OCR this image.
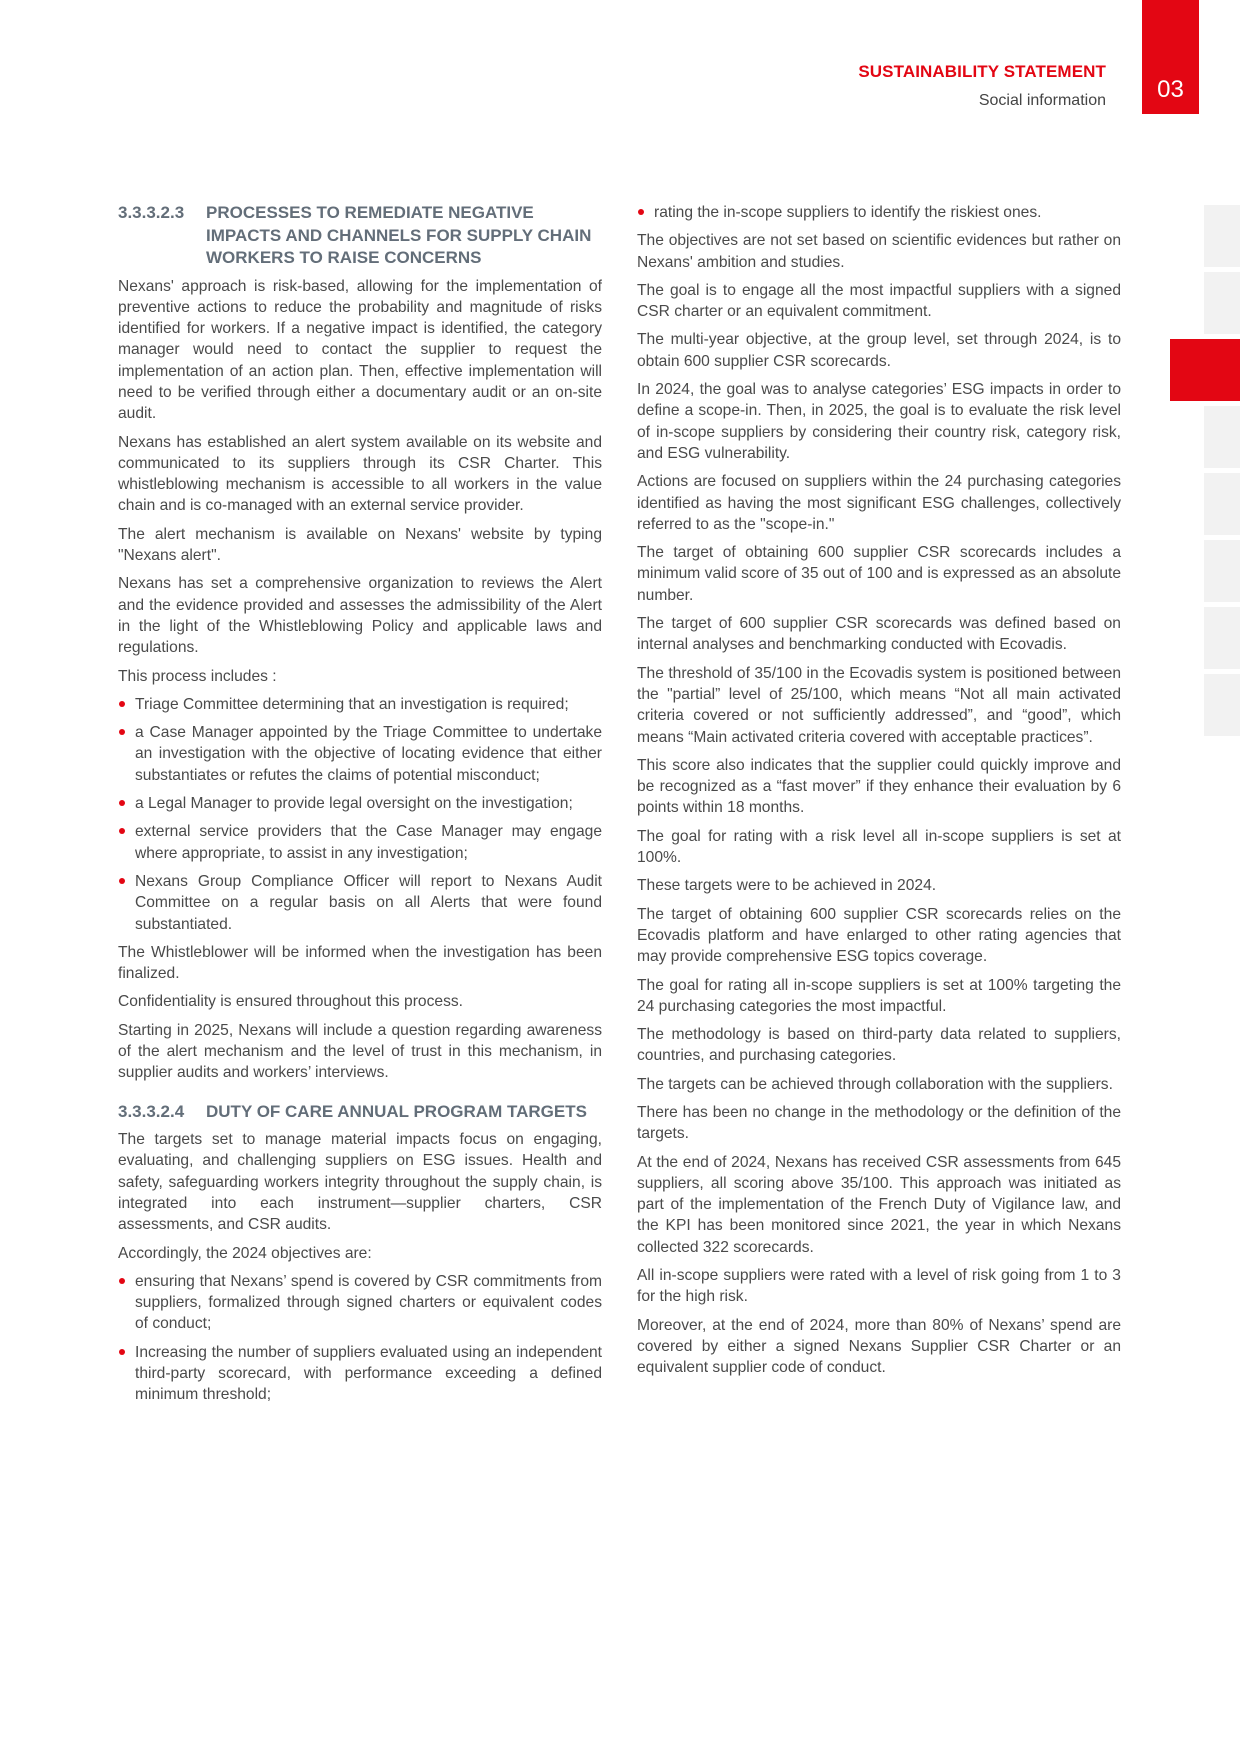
SUSTAINABILITY STATEMENT
Social information	03
3.3.3.2.3	PROCESSES TO REMEDIATE NEGATIVE IMPACTS AND CHANNELS FOR SUPPLY CHAIN WORKERS TO RAISE CONCERNS

Nexans' approach is risk-based, allowing for the implementation of preventive actions to reduce the probability and magnitude of risks identified for workers. If a negative impact is identified, the category manager would need to contact the supplier to request the implementation of an action plan. Then, effective implementation will need to be verified through either a documentary audit or an on-site audit.

Nexans has established an alert system available on its website and communicated to its suppliers through its CSR Charter. This whistleblowing mechanism is accessible to all workers in the value chain and is co-managed with an external service provider.

The alert mechanism is available on Nexans' website by typing "Nexans alert".

Nexans has set a comprehensive organization to reviews the Alert and the evidence provided and assesses the admissibility of the Alert in the light of the Whistleblowing Policy and applicable laws and regulations.

This process includes :

Triage Committee determining that an investigation is required;
a Case Manager appointed by the Triage Committee to undertake an investigation with the objective of locating evidence that either substantiates or refutes the claims of potential misconduct;
a Legal Manager to provide legal oversight on the investigation;
external service providers that the Case Manager may engage where appropriate, to assist in any investigation;
Nexans Group Compliance Officer will report to Nexans Audit Committee on a regular basis on all Alerts that were found substantiated.

The Whistleblower will be informed when the investigation has been finalized.

Confidentiality is ensured throughout this process.

Starting in 2025, Nexans will include a question regarding awareness of the alert mechanism and the level of trust in this mechanism, in supplier audits and workers’ interviews.

3.3.3.2.4	DUTY OF CARE ANNUAL PROGRAM TARGETS

The targets set to manage material impacts focus on engaging, evaluating, and challenging suppliers on ESG issues. Health and safety, safeguarding workers integrity throughout the supply chain, is integrated into each instrument—supplier charters, CSR assessments, and CSR audits.

Accordingly, the 2024 objectives are:

ensuring that Nexans’ spend is covered by CSR commitments from suppliers, formalized through signed charters or equivalent codes of conduct;
Increasing the number of suppliers evaluated using an independent third-party scorecard, with performance exceeding a defined minimum threshold;
rating the in-scope suppliers to identify the riskiest ones.

The objectives are not set based on scientific evidences but rather on Nexans' ambition and studies.

The goal is to engage all the most impactful suppliers with a signed CSR charter or an equivalent commitment.

The multi-year objective, at the group level, set through 2024, is to obtain 600 supplier CSR scorecards.

In 2024, the goal was to analyse categories’ ESG impacts in order to define a scope-in. Then, in 2025, the goal is to evaluate the risk level of in-scope suppliers by considering their country risk, category risk, and ESG vulnerability.

Actions are focused on suppliers within the 24 purchasing categories identified as having the most significant ESG challenges, collectively referred to as the "scope-in."

The target of obtaining 600 supplier CSR scorecards includes a minimum valid score of 35 out of 100 and is expressed as an absolute number.

The target of 600 supplier CSR scorecards was defined based on internal analyses and benchmarking conducted with Ecovadis.

The threshold of 35/100 in the Ecovadis system is positioned between the "partial” level of 25/100, which means “Not all main activated criteria covered or not sufficiently addressed”, and “good”, which means “Main activated criteria covered with acceptable practices”.

This score also indicates that the supplier could quickly improve and be recognized as a “fast mover” if they enhance their evaluation by 6 points within 18 months.

The goal for rating with a risk level all in-scope suppliers is set at 100%.

These targets were to be achieved in 2024.

The target of obtaining 600 supplier CSR scorecards relies on the Ecovadis platform and have enlarged to other rating agencies that may provide comprehensive ESG topics coverage.

The goal for rating all in-scope suppliers is set at 100% targeting the 24 purchasing categories the most impactful.

The methodology is based on third-party data related to suppliers, countries, and purchasing categories.

The targets can be achieved through collaboration with the suppliers.

There has been no change in the methodology or the definition of the targets.

At the end of 2024, Nexans has received CSR assessments from 645 suppliers, all scoring above 35/100. This approach was initiated as part of the implementation of the French Duty of Vigilance law, and the KPI has been monitored since 2021, the year in which Nexans collected 322 scorecards.

All in-scope suppliers were rated with a level of risk going from 1 to 3 for the high risk.

Moreover, at the end of 2024, more than 80% of Nexans’ spend are covered by either a signed Nexans Supplier CSR Charter or an equivalent supplier code of conduct.
